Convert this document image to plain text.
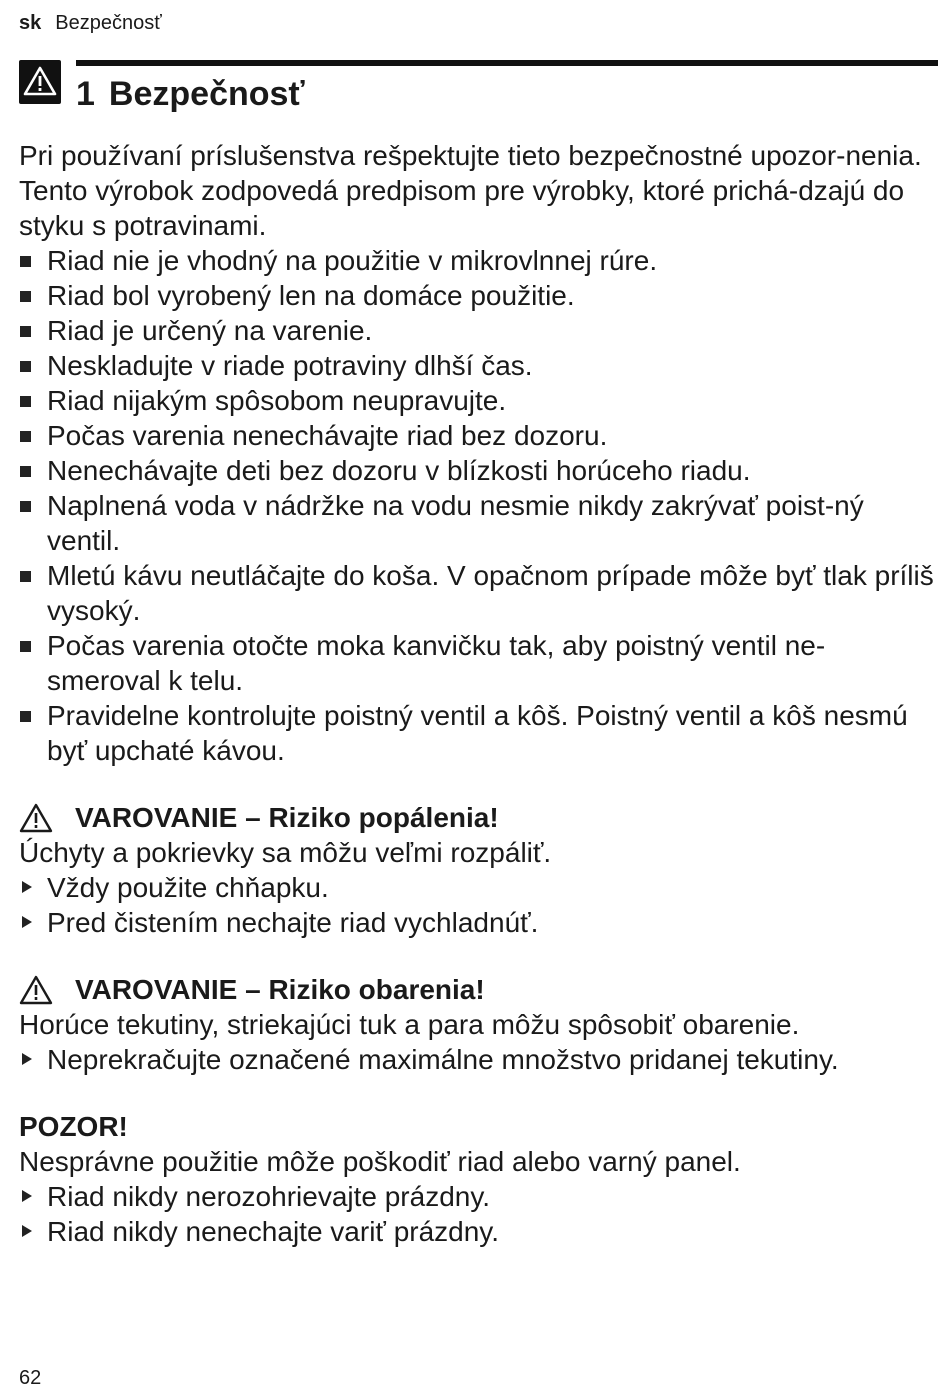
sk Bezpečnosť
1 Bezpečnosť

Pri používaní príslušenstva rešpektujte tieto bezpečnostné upozor-nenia.

Tento výrobok zodpovedá predpisom pre výrobky, ktoré prichá-dzajú do styku s potravinami.

Riad nie je vhodný na použitie v mikrovlnnej rúre.
Riad bol vyrobený len na domáce použitie.
Riad je určený na varenie.
Neskladujte v riade potraviny dlhší čas.
Riad nijakým spôsobom neupravujte.
Počas varenia nenechávajte riad bez dozoru.
Nenechávajte deti bez dozoru v blízkosti horúceho riadu.
Naplnená voda v nádržke na vodu nesmie nikdy zakrývať poist-ný ventil.
Mletú kávu neutláčajte do koša. V opačnom prípade môže byť tlak príliš vysoký.
Počas varenia otočte moka kanvičku tak, aby poistný ventil ne-smeroval k telu.
Pravidelne kontrolujte poistný ventil a kôš. Poistný ventil a kôš nesmú byť upchaté kávou.
VAROVANIE – Riziko popálenia!

Úchyty a pokrievky sa môžu veľmi rozpáliť.

Vždy použite chňapku.
Pred čistením nechajte riad vychladnúť.
VAROVANIE – Riziko obarenia!

Horúce tekutiny, striekajúci tuk a para môžu spôsobiť obarenie.

Neprekračujte označené maximálne množstvo pridanej tekutiny.
POZOR!

Nesprávne použitie môže poškodiť riad alebo varný panel.

Riad nikdy nerozohrievajte prázdny.
Riad nikdy nenechajte variť prázdny.
62
